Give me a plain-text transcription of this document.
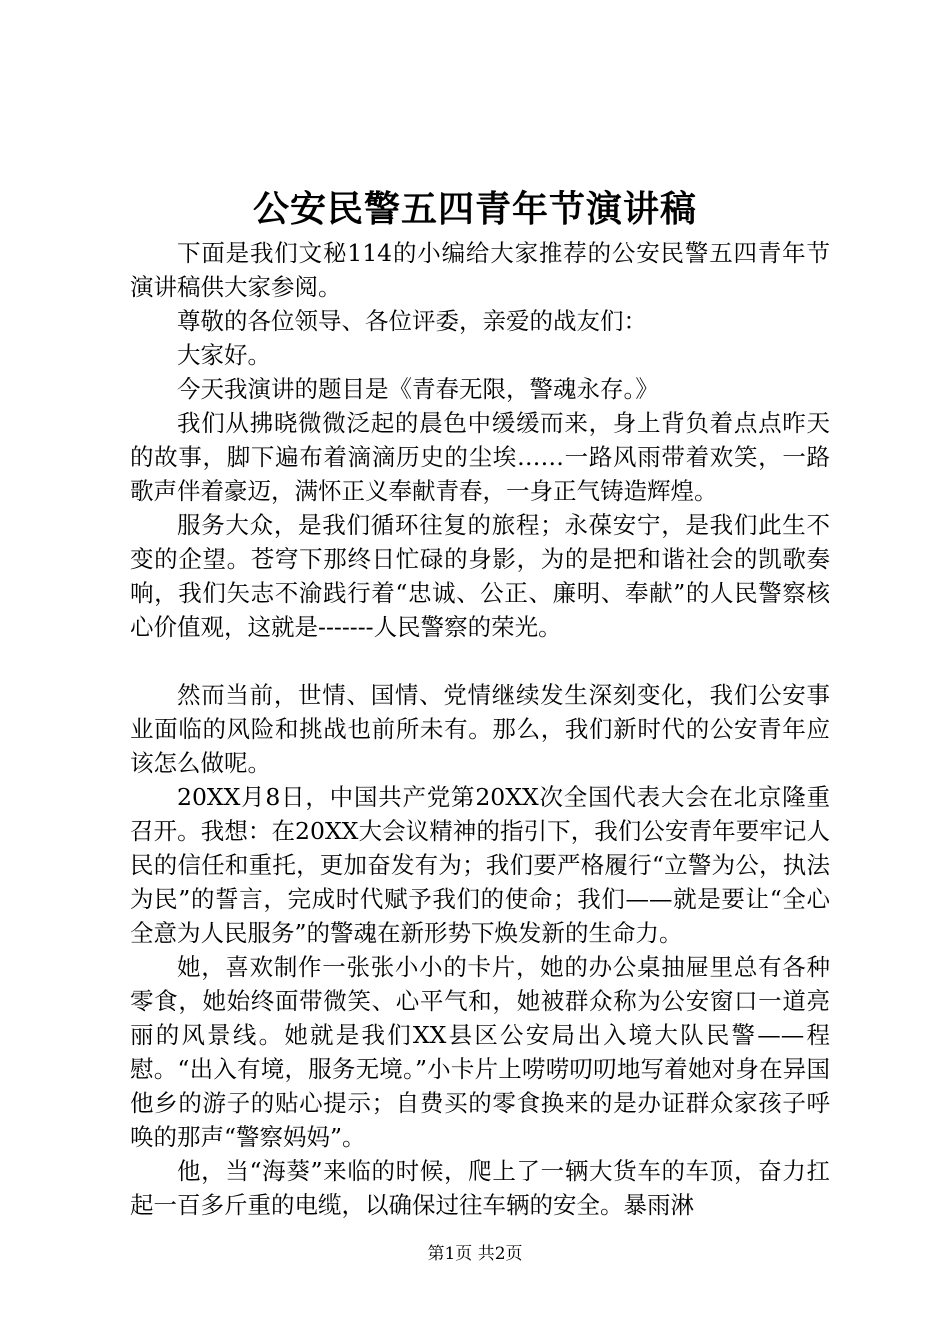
公安民警五四青年节演讲稿

下面是我们文秘114的小编给大家推荐的公安民警五四青年节演讲稿供大家参阅。

尊敬的各位领导、各位评委，亲爱的战友们：

大家好。

今天我演讲的题目是《青春无限，警魂永存。》

我们从拂晓微微泛起的晨色中缓缓而来，身上背负着点点昨天的故事，脚下遍布着滴滴历史的尘埃……一路风雨带着欢笑，一路歌声伴着豪迈，满怀正义奉献青春，一身正气铸造辉煌。

服务大众，是我们循环往复的旅程；永葆安宁，是我们此生不变的企望。苍穹下那终日忙碌的身影，为的是把和谐社会的凯歌奏响，我们矢志不渝践行着“忠诚、公正、廉明、奉献”的人民警察核心价值观，这就是-------人民警察的荣光。

然而当前，世情、国情、党情继续发生深刻变化，我们公安事业面临的风险和挑战也前所未有。那么，我们新时代的公安青年应该怎么做呢。

20XX月8日，中国共产党第20XX次全国代表大会在北京隆重召开。我想：在20XX大会议精神的指引下，我们公安青年要牢记人民的信任和重托，更加奋发有为；我们要严格履行“立警为公，执法为民”的誓言，完成时代赋予我们的使命；我们——就是要让“全心全意为人民服务”的警魂在新形势下焕发新的生命力。

她，喜欢制作一张张小小的卡片，她的办公桌抽屉里总有各种零食，她始终面带微笑、心平气和，她被群众称为公安窗口一道亮丽的风景线。她就是我们XX县区公安局出入境大队民警——程慰。“出入有境，服务无境。”小卡片上唠唠叨叨地写着她对身在异国他乡的游子的贴心提示；自费买的零食换来的是办证群众家孩子呼唤的那声“警察妈妈”。

他，当“海葵”来临的时候，爬上了一辆大货车的车顶，奋力扛起一百多斤重的电缆，以确保过往车辆的安全。暴雨淋

第1页 共2页
